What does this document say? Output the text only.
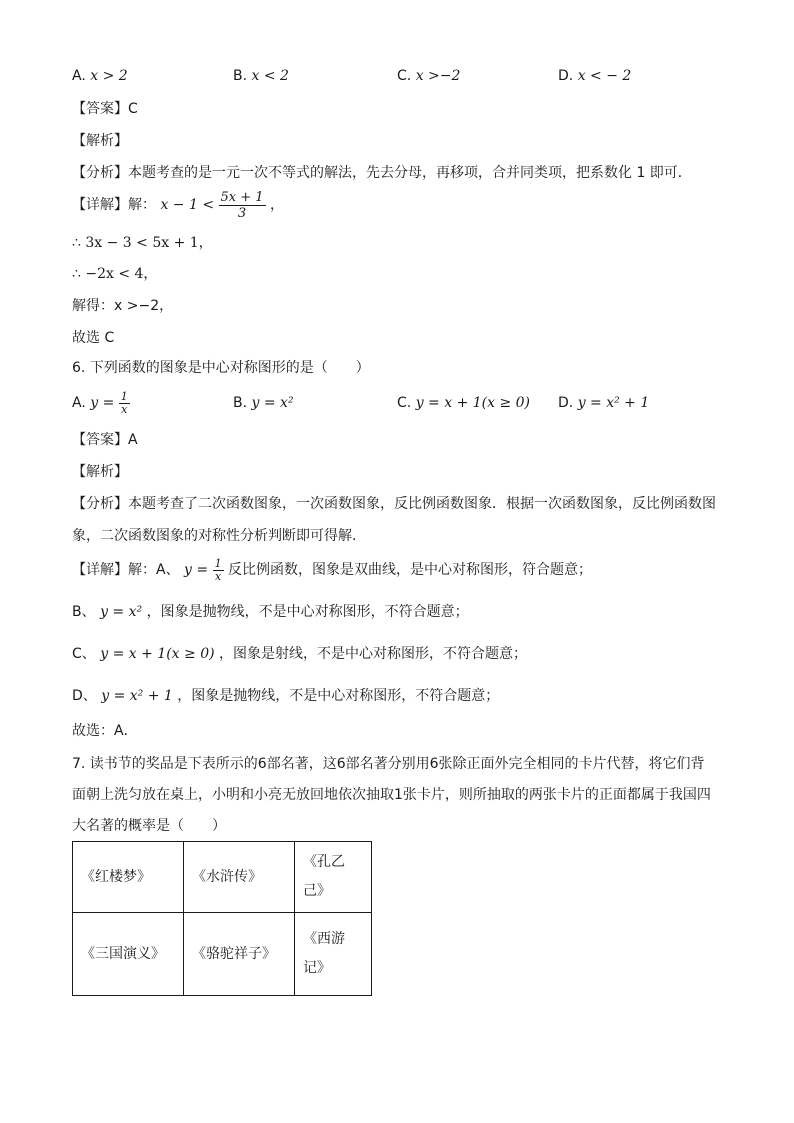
A. x > 2	B. x < 2	C. x >−2	D. x < − 2
【答案】C
【解析】
【分析】本题考查的是一元一次不等式的解法，先去分母，再移项，合并同类项，把系数化 1 即可．
【详解】解： $x - 1 < \frac{5x + 1}{3}$ ，
∴ 3x − 3 < 5x + 1，
∴ −2x < 4，
解得：x >−2，
故选 C
6. 下列函数的图象是中心对称图形的是（　　）
A. $y = \frac{1}{x}$	B. y = x²	C. y = x + 1(x ≥ 0) D. y = x² + 1
【答案】A
【解析】
【分析】本题考查了二次函数图象，一次函数图象，反比例函数图象．根据一次函数图象，反比例函数图
象，二次函数图象的对称性分析判断即可得解．
【详解】解：A、 $y = \frac{1}{x}$ 反比例函数，图象是双曲线，是中心对称图形，符合题意；
B、 y = x² ，图象是抛物线，不是中心对称图形，不符合题意；
C、 y = x + 1(x ≥ 0) ，图象是射线，不是中心对称图形，不符合题意；
D、 y = x² + 1 ，图象是抛物线，不是中心对称图形，不符合题意；
故选：A．
7. 读书节的奖品是下表所示的6部名著，这6部名著分别用6张除正面外完全相同的卡片代替，将它们背
面朝上洗匀放在桌上，小明和小亮无放回地依次抽取1张卡片，则所抽取的两张卡片的正面都属于我国四
大名著的概率是（　　）
《红楼梦》	《水浒传》	《孔乙己》
《三国演义》	《骆驼祥子》	《西游记》
